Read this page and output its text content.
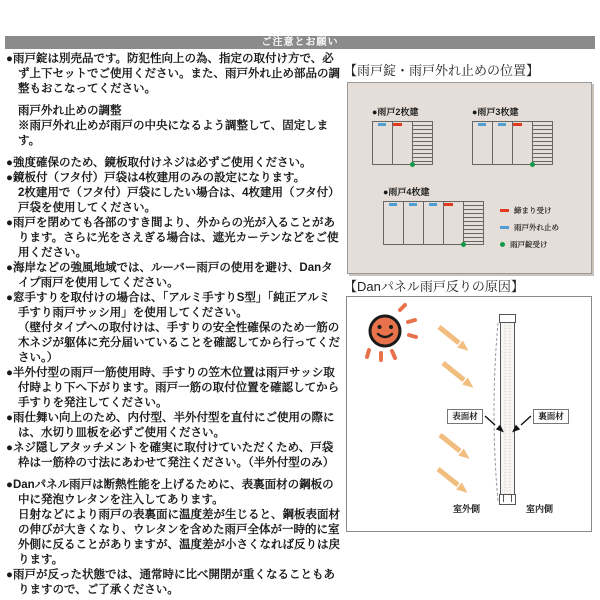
ご注意とお願い
●雨戸錠は別売品です。防犯性向上の為、指定の取付け方で、必ず上下セットでご使用ください。また、雨戸外れ止め部品の調整もおこなってください。
雨戸外れ止めの調整
※雨戸外れ止めが雨戸の中央になるよう調整して、固定します。
●強度確保のため、鏡板取付けネジは必ずご使用ください。
●鏡板付（フタ付）戸袋は4枚建用のみの設定になります。
2枚建用で（フタ付）戸袋にしたい場合は、4枚建用（フタ付）戸袋を使用してください。
●雨戸を閉めても各部のすき間より、外からの光が入ることがあります。さらに光をさえぎる場合は、遮光カーテンなどをご使用ください。
●海岸などの強風地域では、ルーバー雨戸の使用を避け、Danタイプ雨戸を使用してください。
●窓手すりを取付けの場合は、「アルミ手すりS型」「純正アルミ手すり雨戸サッシ用」を使用してください。
（壁付タイプへの取付けは、手すりの安全性確保のため一筋の木ネジが躯体に充分届いていることを確認してから行ってください。）
●半外付型の雨戸一筋使用時、手すりの笠木位置は雨戸サッシ取付時より下へ下がります。雨戸一筋の取付位置を確認してから手すりを発注してください。
●雨仕舞い向上のため、内付型、半外付型を直付にご使用の際には、水切り皿板を必ずご使用ください。
●ネジ隠しアタッチメントを確実に取付けていただくため、戸袋枠は一筋枠の寸法にあわせて発注ください。（半外付型のみ）
●Danパネル雨戸は断熱性能を上げるために、表裏面材の鋼板の中に発泡ウレタンを注入してあります。
日射などにより雨戸の表裏面に温度差が生じると、鋼板表面材の伸びが大きくなり、ウレタンを含めた雨戸全体が一時的に室外側に反ることがありますが、温度差が小さくなれば反りは戻ります。
●雨戸が反った状態では、通常時に比べ開閉が重くなることもありますので、ご了承ください。
【雨戸錠・雨戸外れ止めの位置】
●雨戸2枚建	●雨戸3枚建
●雨戸4枚建
締まり受け
雨戸外れ止め
雨戸錠受け
【Danパネル雨戸反りの原因】
表面材	裏面材
室外側	室内側
